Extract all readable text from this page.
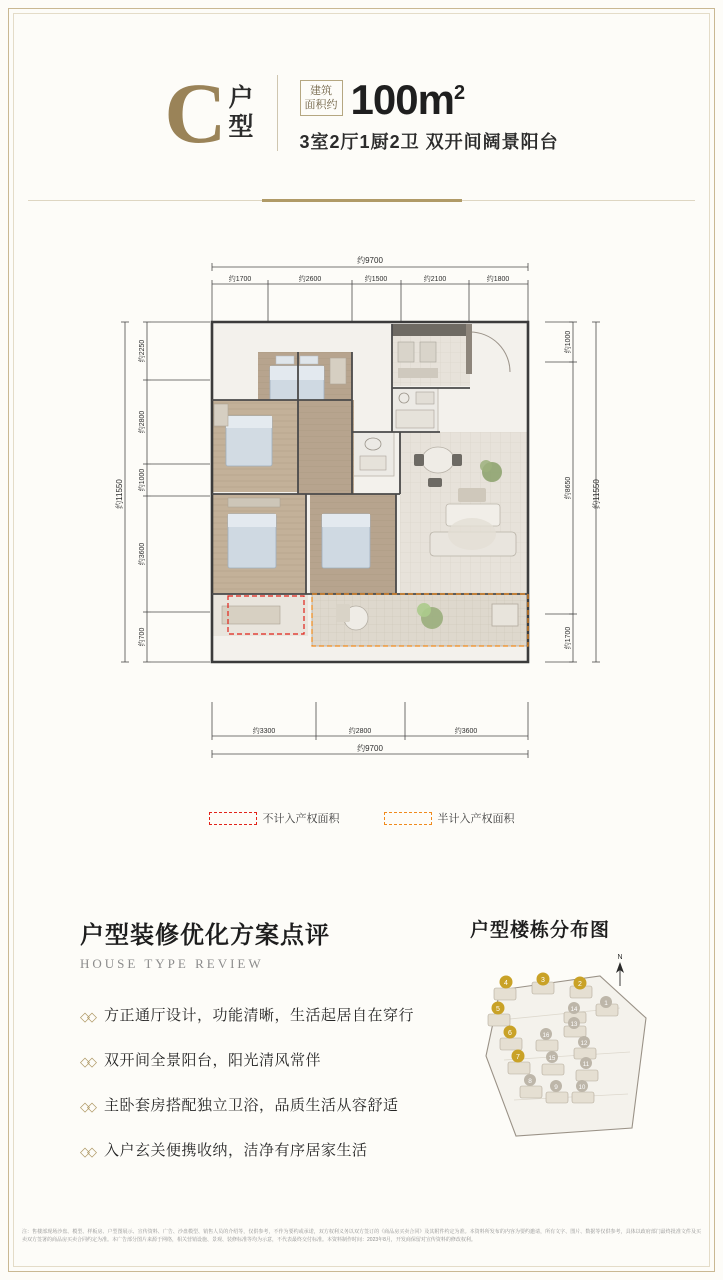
C 户
型
建筑
面积约 $100m^2$
3室2厅1厨2卫 双开间阔景阳台
约9700
约1700	约2600	约1500	约2100	约1800
约11550
约2250
约2800
约1000
约3600
约700
约11550
约1000
约8650
约1700
约3300	约2800	约3600
约9700
不计入产权面积	半计入产权面积
户型装修优化方案点评
HOUSE TYPE REVIEW
◇◇ 方正通厅设计，功能清晰，生活起居自在穿行
◇◇ 双开间全景阳台，阳光清风常伴
◇◇ 主卧套房搭配独立卫浴，品质生活从容舒适
◇◇ 入户玄关便携收纳，洁净有序居家生活
户型楼栋分布图
N
4	3
2
5
1
14
13
6	16
12
7	15
11
8
9	10
注：售楼部现场沙盘、模型、样板房、户型图展示、宣传资料、广告、沙盘模型、销售人员的介绍等，仅供参考，不作为要约或承诺，双方权利义务以双方签订的《商品房买卖合同》及其附件约定为准。本资料所发布的内容为要约邀请，所有文字、图片、数据等仅供参考，具体以政府部门最终批准文件及买卖双方签署的商品房买卖合同约定为准。本广告部分图片来源于网络，相关营销设施、景观、装修标准等均为示意，不代表最终交付标准。本资料制作时间：2023年8月，开发商保留对宣传资料的修改权利。
